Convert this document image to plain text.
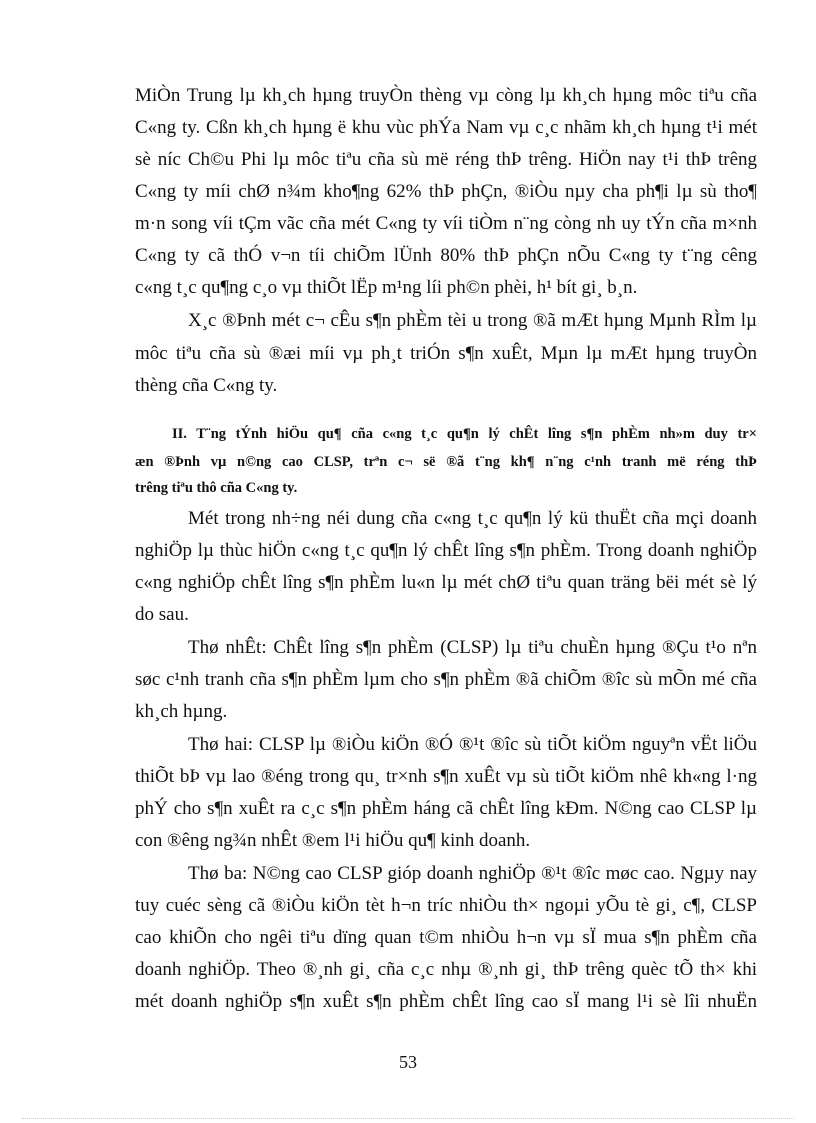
MiÒn Trung lµ kh¸ch hµng truyÒn thèng vµ còng lµ kh¸ch hµng môc tiªu cña
C«ng ty. Cßn kh¸ch hµng ë khu vùc phÝa Nam vµ c¸c nhãm kh¸ch hµng t¹i mét
sè níc Ch©u Phi lµ môc tiªu cña sù më réng thÞ trêng. HiÖn nay t¹i thÞ trêng
C«ng ty míi chØ n¾m kho¶ng 62% thÞ phÇn, ®iÒu nµy cha ph¶i lµ sù tho¶
m·n song víi tÇm vãc cña mét C«ng ty víi tiÒm n¨ng còng nh uy tÝn cña m×nh
C«ng ty cã thÓ v¬n tíi chiÕm lÜnh 80% thÞ phÇn nÕu C«ng ty t¨ng cêng
c«ng t¸c qu¶ng c¸o vµ thiÕt lËp m¹ng líi ph©n phèi, h¹ bít gi¸ b¸n.
X¸c ®Þnh mét c¬ cÊu s¶n phÈm tèi u trong ®ã mÆt hµng Mµnh RÌm lµ
môc tiªu cña sù ®æi míi vµ ph¸t triÓn s¶n xuÊt, Mµn lµ mÆt hµng truyÒn
thèng cña C«ng ty.
II. T¨ng tÝnh hiÖu qu¶ cña c«ng t¸c qu¶n lý chÊt lîng s¶n phÈm nh»m duy tr×
æn ®Þnh vµ n©ng cao CLSP, trªn c¬ së ®ã t¨ng kh¶ n¨ng c¹nh tranh më réng thÞ
trêng tiªu thô cña C«ng ty.
Mét trong nh÷ng néi dung cña c«ng t¸c qu¶n lý kü thuËt cña mçi doanh
nghiÖp lµ thùc hiÖn c«ng t¸c qu¶n lý chÊt lîng s¶n phÈm. Trong doanh nghiÖp
c«ng nghiÖp chÊt lîng s¶n phÈm lu«n lµ mét chØ tiªu quan träng bëi mét sè lý
do sau.
Thø nhÊt: ChÊt lîng s¶n phÈm (CLSP) lµ tiªu chuÈn hµng ®Çu t¹o nªn
søc c¹nh tranh cña s¶n phÈm lµm cho s¶n phÈm ®ã chiÕm ®îc sù mÕn mé cña
kh¸ch hµng.
Thø hai: CLSP lµ ®iÒu kiÖn ®Ó ®¹t ®îc sù tiÕt kiÖm nguyªn vËt liÖu
thiÕt bÞ vµ lao ®éng trong qu¸ tr×nh s¶n xuÊt vµ sù tiÕt kiÖm nhê kh«ng l·ng
phÝ cho s¶n xuÊt ra c¸c s¶n phÈm háng cã chÊt lîng kÐm. N©ng cao CLSP lµ
con ®êng ng¾n nhÊt ®em l¹i hiÖu qu¶ kinh doanh.
Thø ba: N©ng cao CLSP gióp doanh nghiÖp ®¹t ®îc møc cao. Ngµy nay
tuy cuéc sèng cã ®iÒu kiÖn tèt h¬n tríc nhiÒu th× ngoµi yÕu tè gi¸ c¶, CLSP
cao khiÕn cho ngêi tiªu dïng quan t©m nhiÒu h¬n vµ sÏ mua s¶n phÈm cña
doanh nghiÖp. Theo ®¸nh gi¸ cña c¸c nhµ ®¸nh gi¸ thÞ trêng quèc tÕ th× khi
mét doanh nghiÖp s¶n xuÊt s¶n phÈm chÊt lîng cao sÏ mang l¹i sè lîi nhuËn
53
